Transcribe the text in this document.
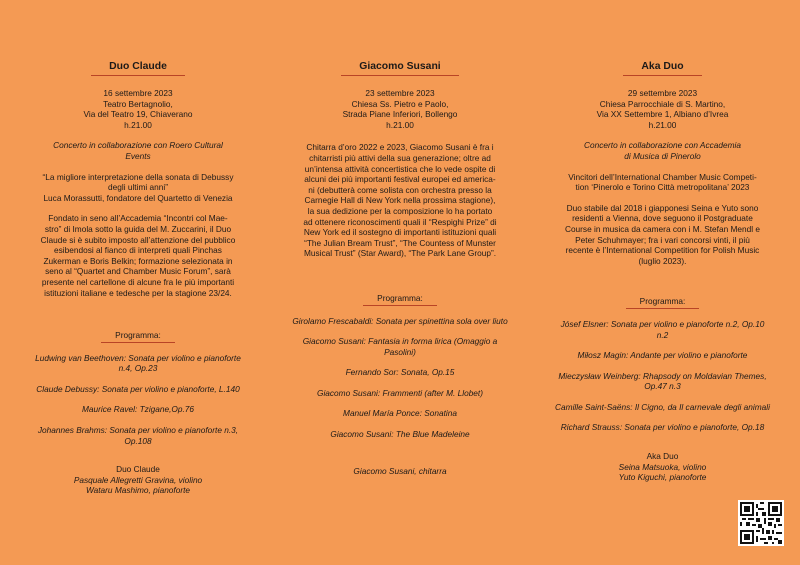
Duo Claude
16 settembre 2023
Teatro Bertagnolio,
Via del Teatro 19, Chiaverano
h.21.00
Concerto in collaborazione con Roero Cultural
Events
“La migliore interpretazione della sonata di Debussy
degli ultimi anni”
Luca Morassutti, fondatore del Quartetto di Venezia
Fondato in seno all’Accademia “Incontri col Mae-
stro” di Imola sotto la guida del M. Zuccarini, il Duo
Claude si è subito imposto all’attenzione del pubblico
esibendosi al fianco di interpreti quali Pinchas
Zukerman e Boris Belkin; formazione selezionata in
seno al “Quartet and Chamber Music Forum”, sarà
presente nel cartellone di alcune fra le più importanti
istituzioni italiane e tedesche per la stagione 23/24.
Programma:
Ludwing van Beethoven: Sonata per violino e pianoforte
n.4, Op.23
Claude Debussy: Sonata per violino e pianoforte, L.140
Maurice Ravel: Tzigane,Op.76
Johannes Brahms: Sonata per violino e pianoforte n.3,
Op.108
Duo Claude
Pasquale Allegretti Gravina, violino
Wataru Mashimo, pianoforte
Giacomo Susani
23 settembre 2023
Chiesa Ss. Pietro e Paolo,
Strada Piane Inferiori, Bollengo
h.21.00
Chitarra d’oro 2022 e 2023, Giacomo Susani è fra i
chitarristi più attivi della sua generazione; oltre ad
un’intensa attività concertistica che lo vede ospite di
alcuni dei più importanti festival europei ed america-
ni (debutterà come solista con orchestra presso la
Carnegie Hall di New York nella prossima stagione),
la sua dedizione per la composizione lo ha portato
ad ottenere riconoscimenti quali il “Respighi Prize” di
New York ed il sostegno di importanti istituzioni quali
“The Julian Bream Trust”, “The Countess of Munster
Musical Trust” (Star Award), “The Park Lane Group”.
Programma:
Girolamo Frescabaldi: Sonata per spinettina sola over liuto
Giacomo Susani: Fantasia in forma lirica (Omaggio a
Pasolini)
Fernando Sor: Sonata, Op.15
Giacomo Susani: Frammenti (after M. Llobet)
Manuel María Ponce: Sonatina
Giacomo Susani: The Blue Madeleine
Giacomo Susani, chitarra
Aka Duo
29 settembre 2023
Chiesa Parrocchiale di S. Martino,
Via XX Settembre 1, Albiano d’Ivrea
h.21.00
Concerto in collaborazione con Accademia
di Musica di Pinerolo
Vincitori dell’International Chamber Music Competi-
tion ‘Pinerolo e Torino Città metropolitana’ 2023
Duo stabile dal 2018 i giapponesi Seina e Yuto sono
residenti a Vienna, dove seguono il Postgraduate
Course in musica da camera con i M. Stefan Mendl e
Peter Schuhmayer; fra i vari concorsi vinti, il più
recente è l’International Competition for Polish Music
(luglio 2023).
Programma:
Jósef Elsner: Sonata per violino e pianoforte n.2, Op.10
n.2
Miłosz Magin: Andante per violino e pianoforte
Mieczysław Weinberg: Rhapsody on Moldavian Themes,
Op.47 n.3
Camille Saint-Saëns: Il Cigno, da Il carnevale degli animali
Richard Strauss: Sonata per violino e pianoforte, Op.18
Aka Duo
Seina Matsuoka, violino
Yuto Kiguchi, pianoforte
